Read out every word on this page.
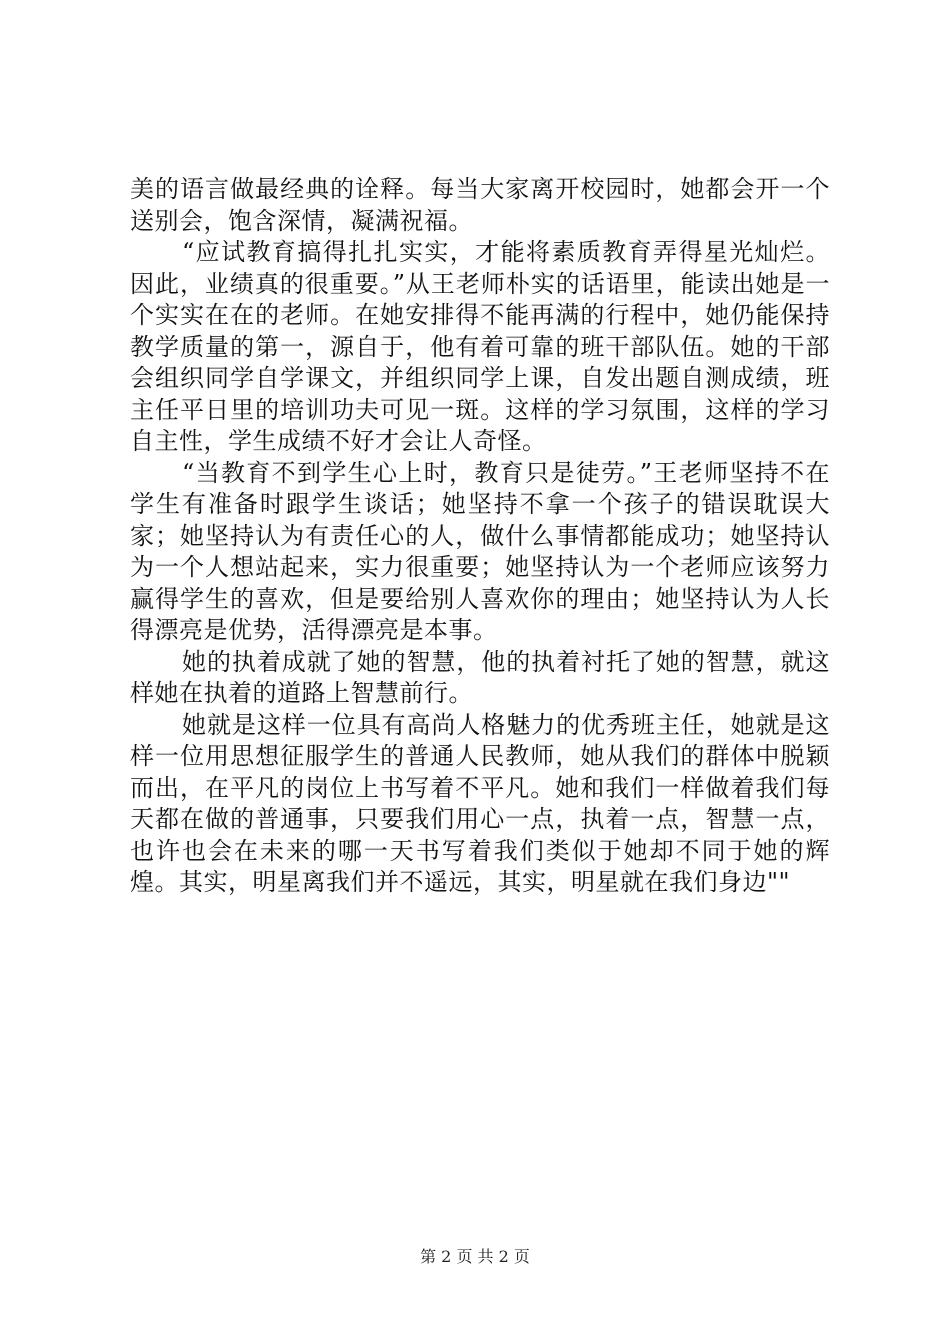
美的语言做最经典的诠释。每当大家离开校园时，她都会开一个送别会，饱含深情，凝满祝福。

“应试教育搞得扎扎实实，才能将素质教育弄得星光灿烂。因此，业绩真的很重要。”从王老师朴实的话语里，能读出她是一个实实在在的老师。在她安排得不能再满的行程中，她仍能保持教学质量的第一，源自于，他有着可靠的班干部队伍。她的干部会组织同学自学课文，并组织同学上课，自发出题自测成绩，班主任平日里的培训功夫可见一斑。这样的学习氛围，这样的学习自主性，学生成绩不好才会让人奇怪。

“当教育不到学生心上时，教育只是徒劳。”王老师坚持不在学生有准备时跟学生谈话；她坚持不拿一个孩子的错误耽误大家；她坚持认为有责任心的人，做什么事情都能成功；她坚持认为一个人想站起来，实力很重要；她坚持认为一个老师应该努力赢得学生的喜欢，但是要给别人喜欢你的理由；她坚持认为人长得漂亮是优势，活得漂亮是本事。

她的执着成就了她的智慧，他的执着衬托了她的智慧，就这样她在执着的道路上智慧前行。

她就是这样一位具有高尚人格魅力的优秀班主任，她就是这样一位用思想征服学生的普通人民教师，她从我们的群体中脱颖而出，在平凡的岗位上书写着不平凡。她和我们一样做着我们每天都在做的普通事，只要我们用心一点，执着一点，智慧一点，也许也会在未来的哪一天书写着我们类似于她却不同于她的辉煌。其实，明星离我们并不遥远，其实，明星就在我们身边""

第 2 页 共 2 页
